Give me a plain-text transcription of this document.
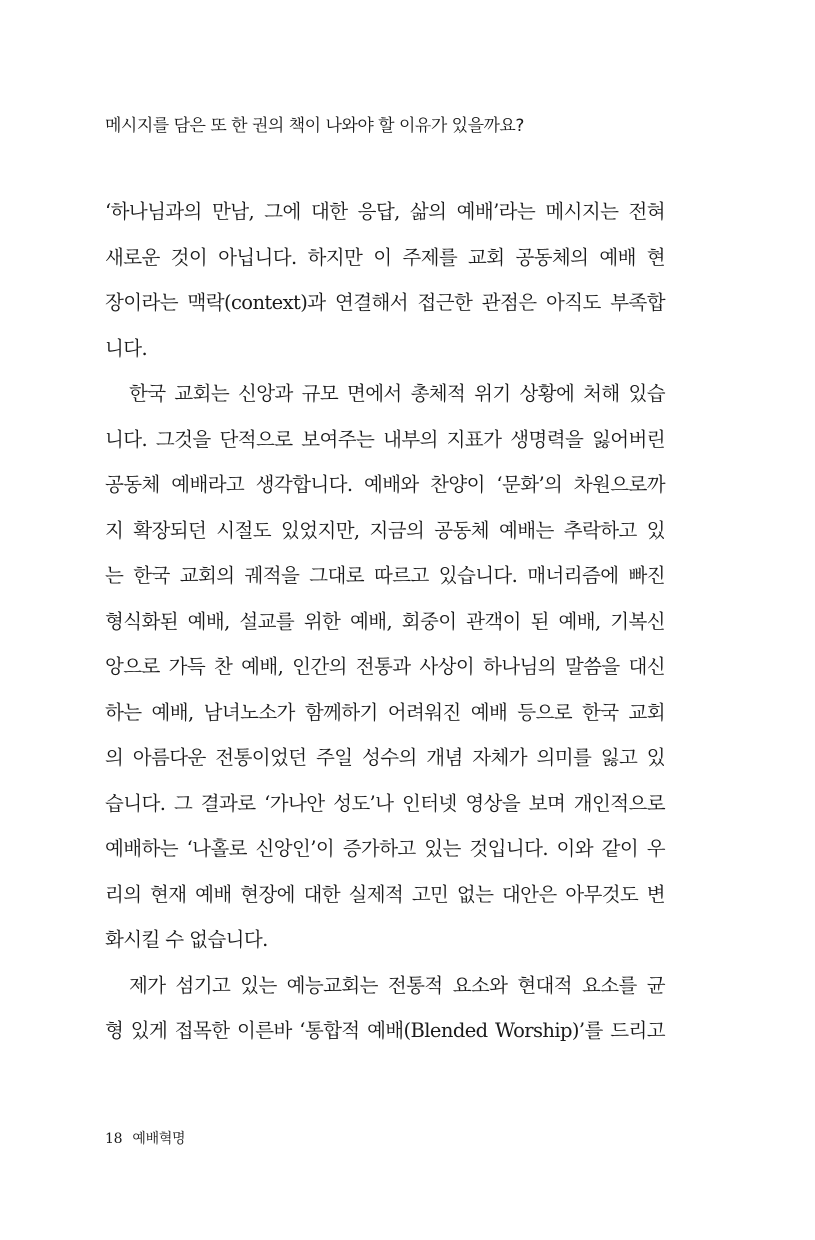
메시지를 담은 또 한 권의 책이 나와야 할 이유가 있을까요?
‘하나님과의 만남, 그에 대한 응답, 삶의 예배’라는 메시지는 전혀
새로운 것이 아닙니다. 하지만 이 주제를 교회 공동체의 예배 현
장이라는 맥락(context)과 연결해서 접근한 관점은 아직도 부족합
니다.
한국 교회는 신앙과 규모 면에서 총체적 위기 상황에 처해 있습
니다. 그것을 단적으로 보여주는 내부의 지표가 생명력을 잃어버린
공동체 예배라고 생각합니다. 예배와 찬양이 ‘문화’의 차원으로까
지 확장되던 시절도 있었지만, 지금의 공동체 예배는 추락하고 있
는 한국 교회의 궤적을 그대로 따르고 있습니다. 매너리즘에 빠진
형식화된 예배, 설교를 위한 예배, 회중이 관객이 된 예배, 기복신
앙으로 가득 찬 예배, 인간의 전통과 사상이 하나님의 말씀을 대신
하는 예배, 남녀노소가 함께하기 어려워진 예배 등으로 한국 교회
의 아름다운 전통이었던 주일 성수의 개념 자체가 의미를 잃고 있
습니다. 그 결과로 ‘가나안 성도’나 인터넷 영상을 보며 개인적으로
예배하는 ‘나홀로 신앙인’이 증가하고 있는 것입니다. 이와 같이 우
리의 현재 예배 현장에 대한 실제적 고민 없는 대안은 아무것도 변
화시킬 수 없습니다.
제가 섬기고 있는 예능교회는 전통적 요소와 현대적 요소를 균
형 있게 접목한 이른바 ‘통합적 예배(Blended Worship)’를 드리고
18 예배혁명
